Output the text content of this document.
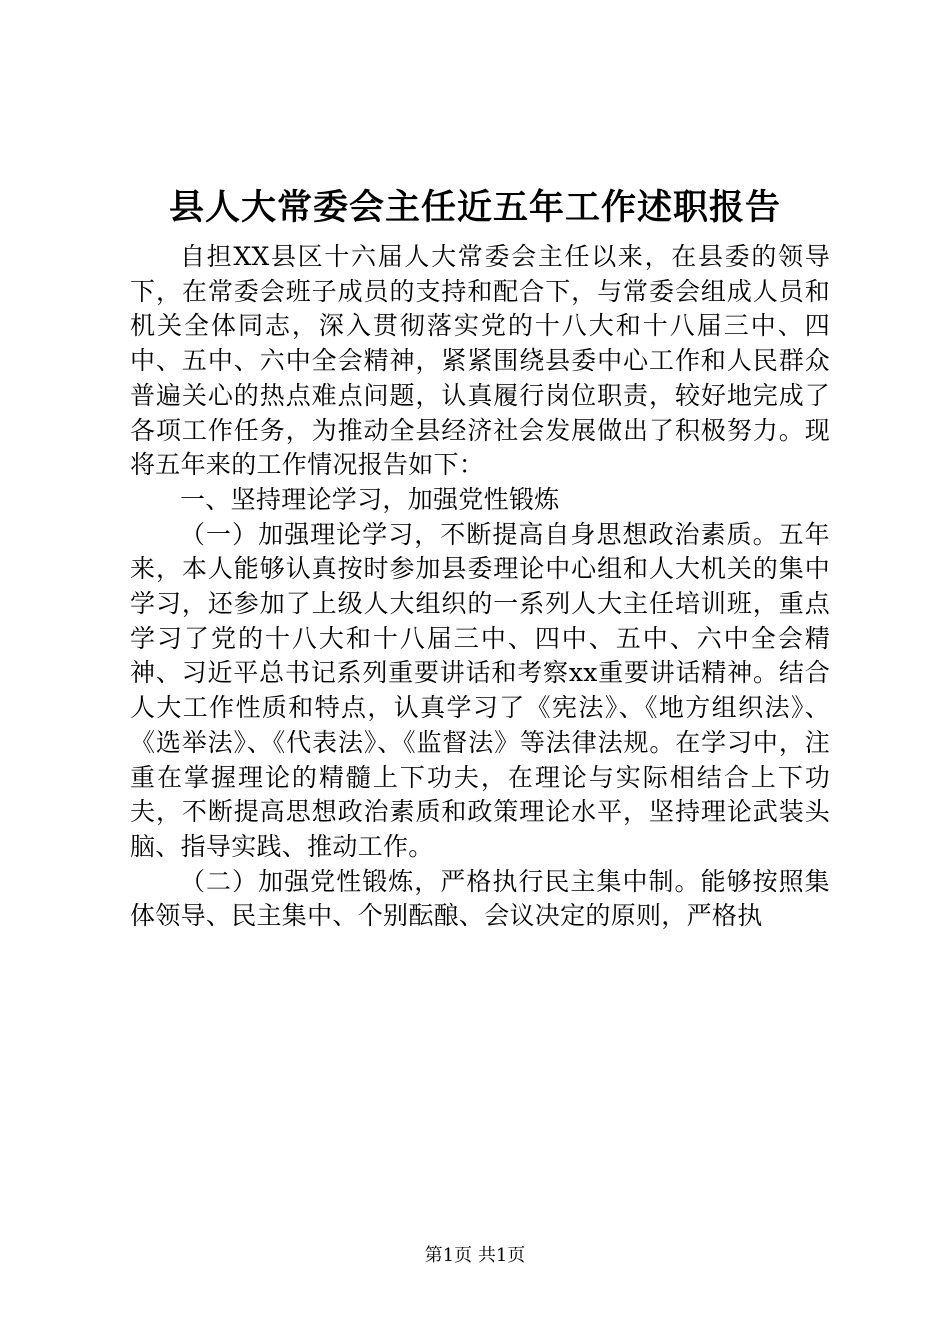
县人大常委会主任近五年工作述职报告

自担XX县区十六届人大常委会主任以来，在县委的领导下，在常委会班子成员的支持和配合下，与常委会组成人员和机关全体同志，深入贯彻落实党的十八大和十八届三中、四中、五中、六中全会精神，紧紧围绕县委中心工作和人民群众普遍关心的热点难点问题，认真履行岗位职责，较好地完成了各项工作任务，为推动全县经济社会发展做出了积极努力。现将五年来的工作情况报告如下：

一、坚持理论学习，加强党性锻炼

（一）加强理论学习，不断提高自身思想政治素质。五年来，本人能够认真按时参加县委理论中心组和人大机关的集中学习，还参加了上级人大组织的一系列人大主任培训班，重点学习了党的十八大和十八届三中、四中、五中、六中全会精神、习近平总书记系列重要讲话和考察xx重要讲话精神。结合人大工作性质和特点，认真学习了《宪法》、《地方组织法》、《选举法》、《代表法》、《监督法》等法律法规。在学习中，注重在掌握理论的精髓上下功夫，在理论与实际相结合上下功夫，不断提高思想政治素质和政策理论水平，坚持理论武装头脑、指导实践、推动工作。

（二）加强党性锻炼，严格执行民主集中制。能够按照集体领导、民主集中、个别酝酿、会议决定的原则，严格执

第1页 共1页
